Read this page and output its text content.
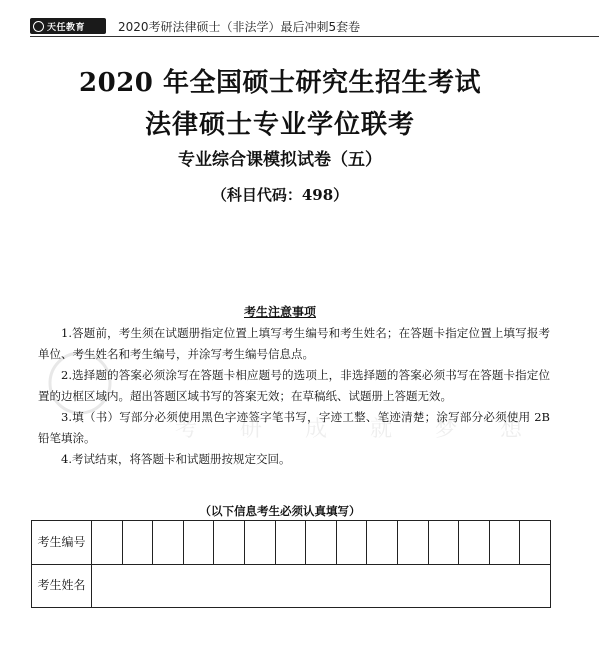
天任教育	2020考研法律硕士（非法学）最后冲刺5套卷
2020 年全国硕士研究生招生考试
法律硕士专业学位联考
专业综合课模拟试卷（五）
（科目代码：498）
考 研 成 就 梦 想
考生注意事项

1.答题前，考生须在试题册指定位置上填写考生编号和考生姓名；在答题卡指定位置上填写报考单位、考生姓名和考生编号，并涂写考生编号信息点。

2.选择题的答案必须涂写在答题卡相应题号的选项上，非选择题的答案必须书写在答题卡指定位置的边框区域内。超出答题区域书写的答案无效；在草稿纸、试题册上答题无效。

3.填（书）写部分必须使用黑色字迹签字笔书写，字迹工整、笔迹清楚；涂写部分必须使用 2B 铅笔填涂。

4.考试结束，将答题卡和试题册按规定交回。

（以下信息考生必须认真填写）
考生编号															
考生姓名															
